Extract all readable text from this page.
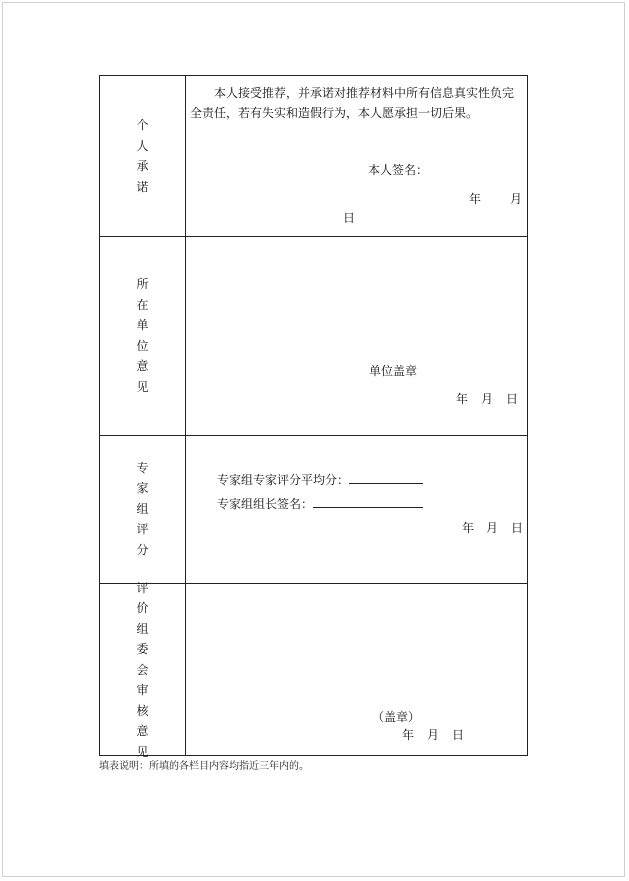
个
人
承
诺
本人接受推荐，并承诺对推荐材料中所有信息真实性负完全责任，若有失实和造假行为，本人愿承担一切后果。
本人签名：
年 月
日
所
在
单
位
意
见
单位盖章
年 月 日
专
家
组
评
分
专家组专家评分平均分：
专家组组长签名：
年 月 日
评
价
组
委
会
审
核
意
见
（盖章）
年 月 日
填表说明：所填的各栏目内容均指近三年内的。
